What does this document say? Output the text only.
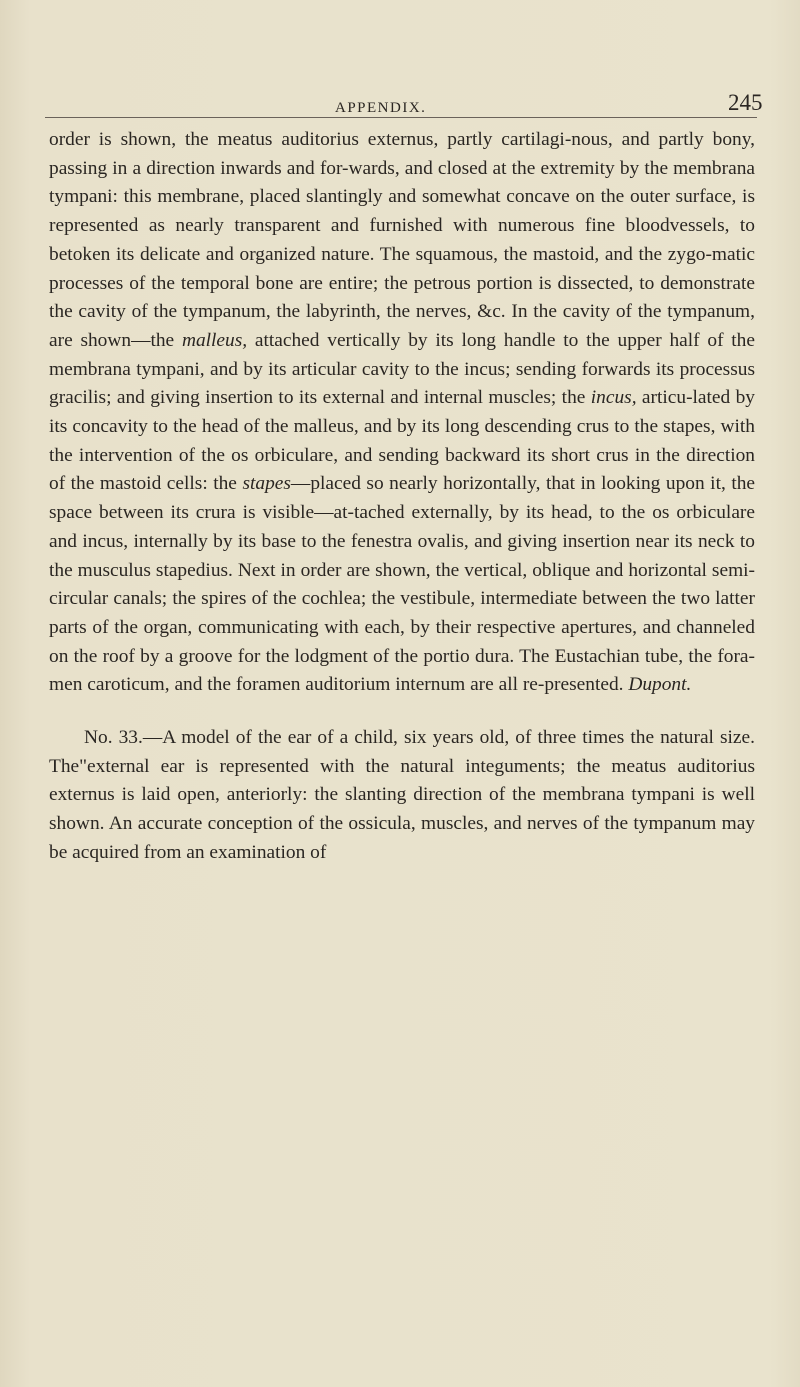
APPENDIX.	245

order is shown, the meatus auditorius externus, partly cartilagi-nous, and partly bony, passing in a direction inwards and for-wards, and closed at the extremity by the membrana tympani: this membrane, placed slantingly and somewhat concave on the outer surface, is represented as nearly transparent and furnished with numerous fine bloodvessels, to betoken its delicate and organized nature. The squamous, the mastoid, and the zygo-matic processes of the temporal bone are entire; the petrous portion is dissected, to demonstrate the cavity of the tympanum, the labyrinth, the nerves, &c. In the cavity of the tympanum, are shown—the malleus, attached vertically by its long handle to the upper half of the membrana tympani, and by its articular cavity to the incus; sending forwards its processus gracilis; and giving insertion to its external and internal muscles; the incus, articu-lated by its concavity to the head of the malleus, and by its long descending crus to the stapes, with the intervention of the os orbiculare, and sending backward its short crus in the direction of the mastoid cells: the stapes—placed so nearly horizontally, that in looking upon it, the space between its crura is visible—at-tached externally, by its head, to the os orbiculare and incus, internally by its base to the fenestra ovalis, and giving insertion near its neck to the musculus stapedius. Next in order are shown, the vertical, oblique and horizontal semi-circular canals; the spires of the cochlea; the vestibule, intermediate between the two latter parts of the organ, communicating with each, by their respective apertures, and channeled on the roof by a groove for the lodgment of the portio dura. The Eustachian tube, the fora-men caroticum, and the foramen auditorium internum are all re-presented. Dupont.

No. 33.—A model of the ear of a child, six years old, of three times the natural size. The"external ear is represented with the natural integuments; the meatus auditorius externus is laid open, anteriorly: the slanting direction of the membrana tympani is well shown. An accurate conception of the ossicula, muscles, and nerves of the tympanum may be acquired from an examination of
